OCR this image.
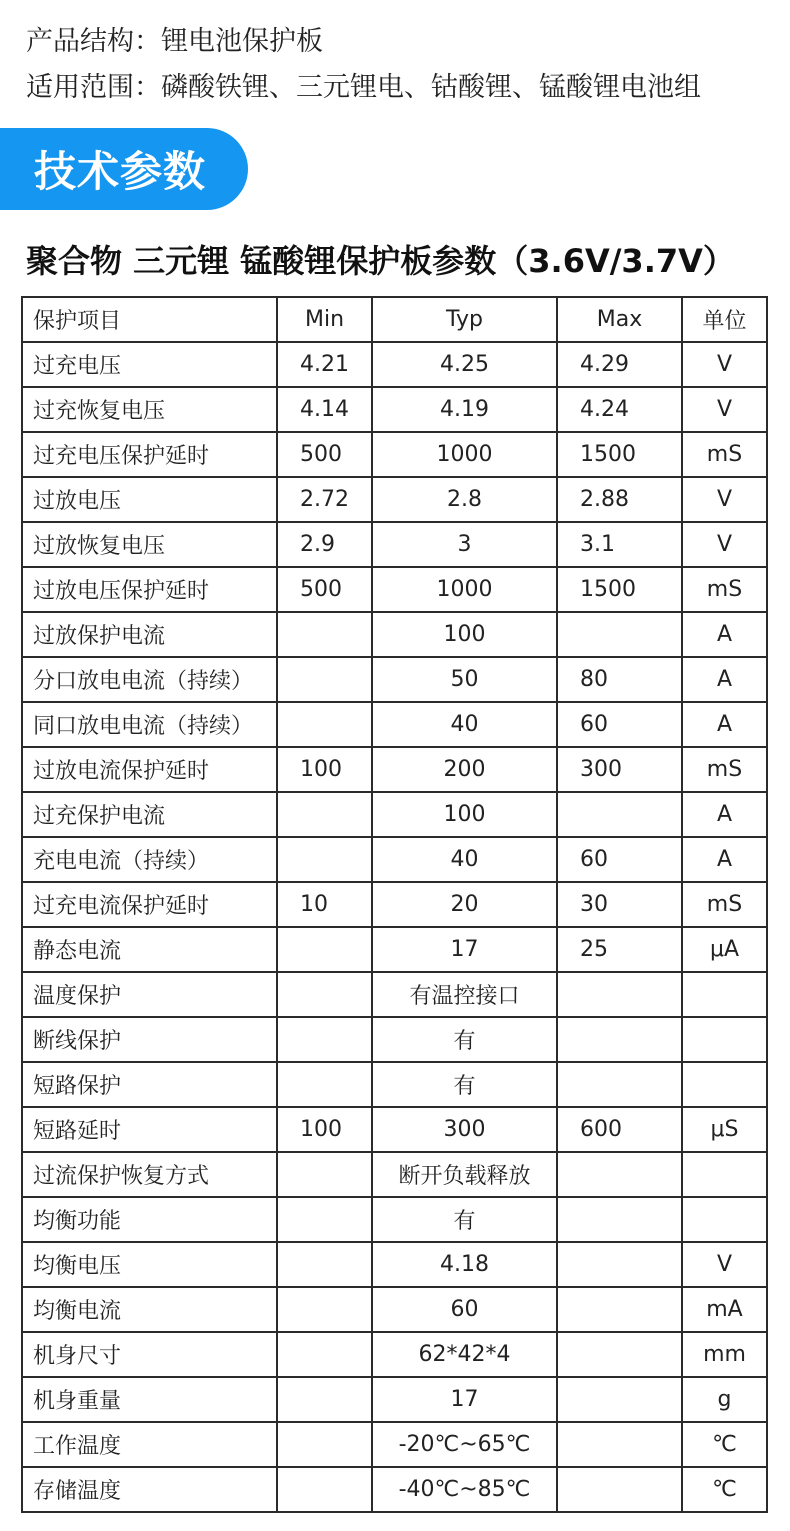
产品结构：锂电池保护板
适用范围：磷酸铁锂、三元锂电、钴酸锂、锰酸锂电池组
技术参数
聚合物 三元锂 锰酸锂保护板参数（3.6V/3.7V）
保护项目	Min	Typ	Max	单位
过充电压	4.21	4.25	4.29	V
过充恢复电压	4.14	4.19	4.24	V
过充电压保护延时	500	1000	1500	mS
过放电压	2.72	2.8	2.88	V
过放恢复电压	2.9	3	3.1	V
过放电压保护延时	500	1000	1500	mS
过放保护电流		100		A
分口放电电流（持续）		50	80	A
同口放电电流（持续）		40	60	A
过放电流保护延时	100	200	300	mS
过充保护电流		100		A
充电电流（持续）		40	60	A
过充电流保护延时	10	20	30	mS
静态电流		17	25	μA
温度保护		有温控接口		
断线保护		有		
短路保护		有		
短路延时	100	300	600	μS
过流保护恢复方式		断开负载释放		
均衡功能		有		
均衡电压		4.18		V
均衡电流		60		mA
机身尺寸		62*42*4		mm
机身重量		17		g
工作温度		-20℃~65℃		℃
存储温度		-40℃~85℃		℃
